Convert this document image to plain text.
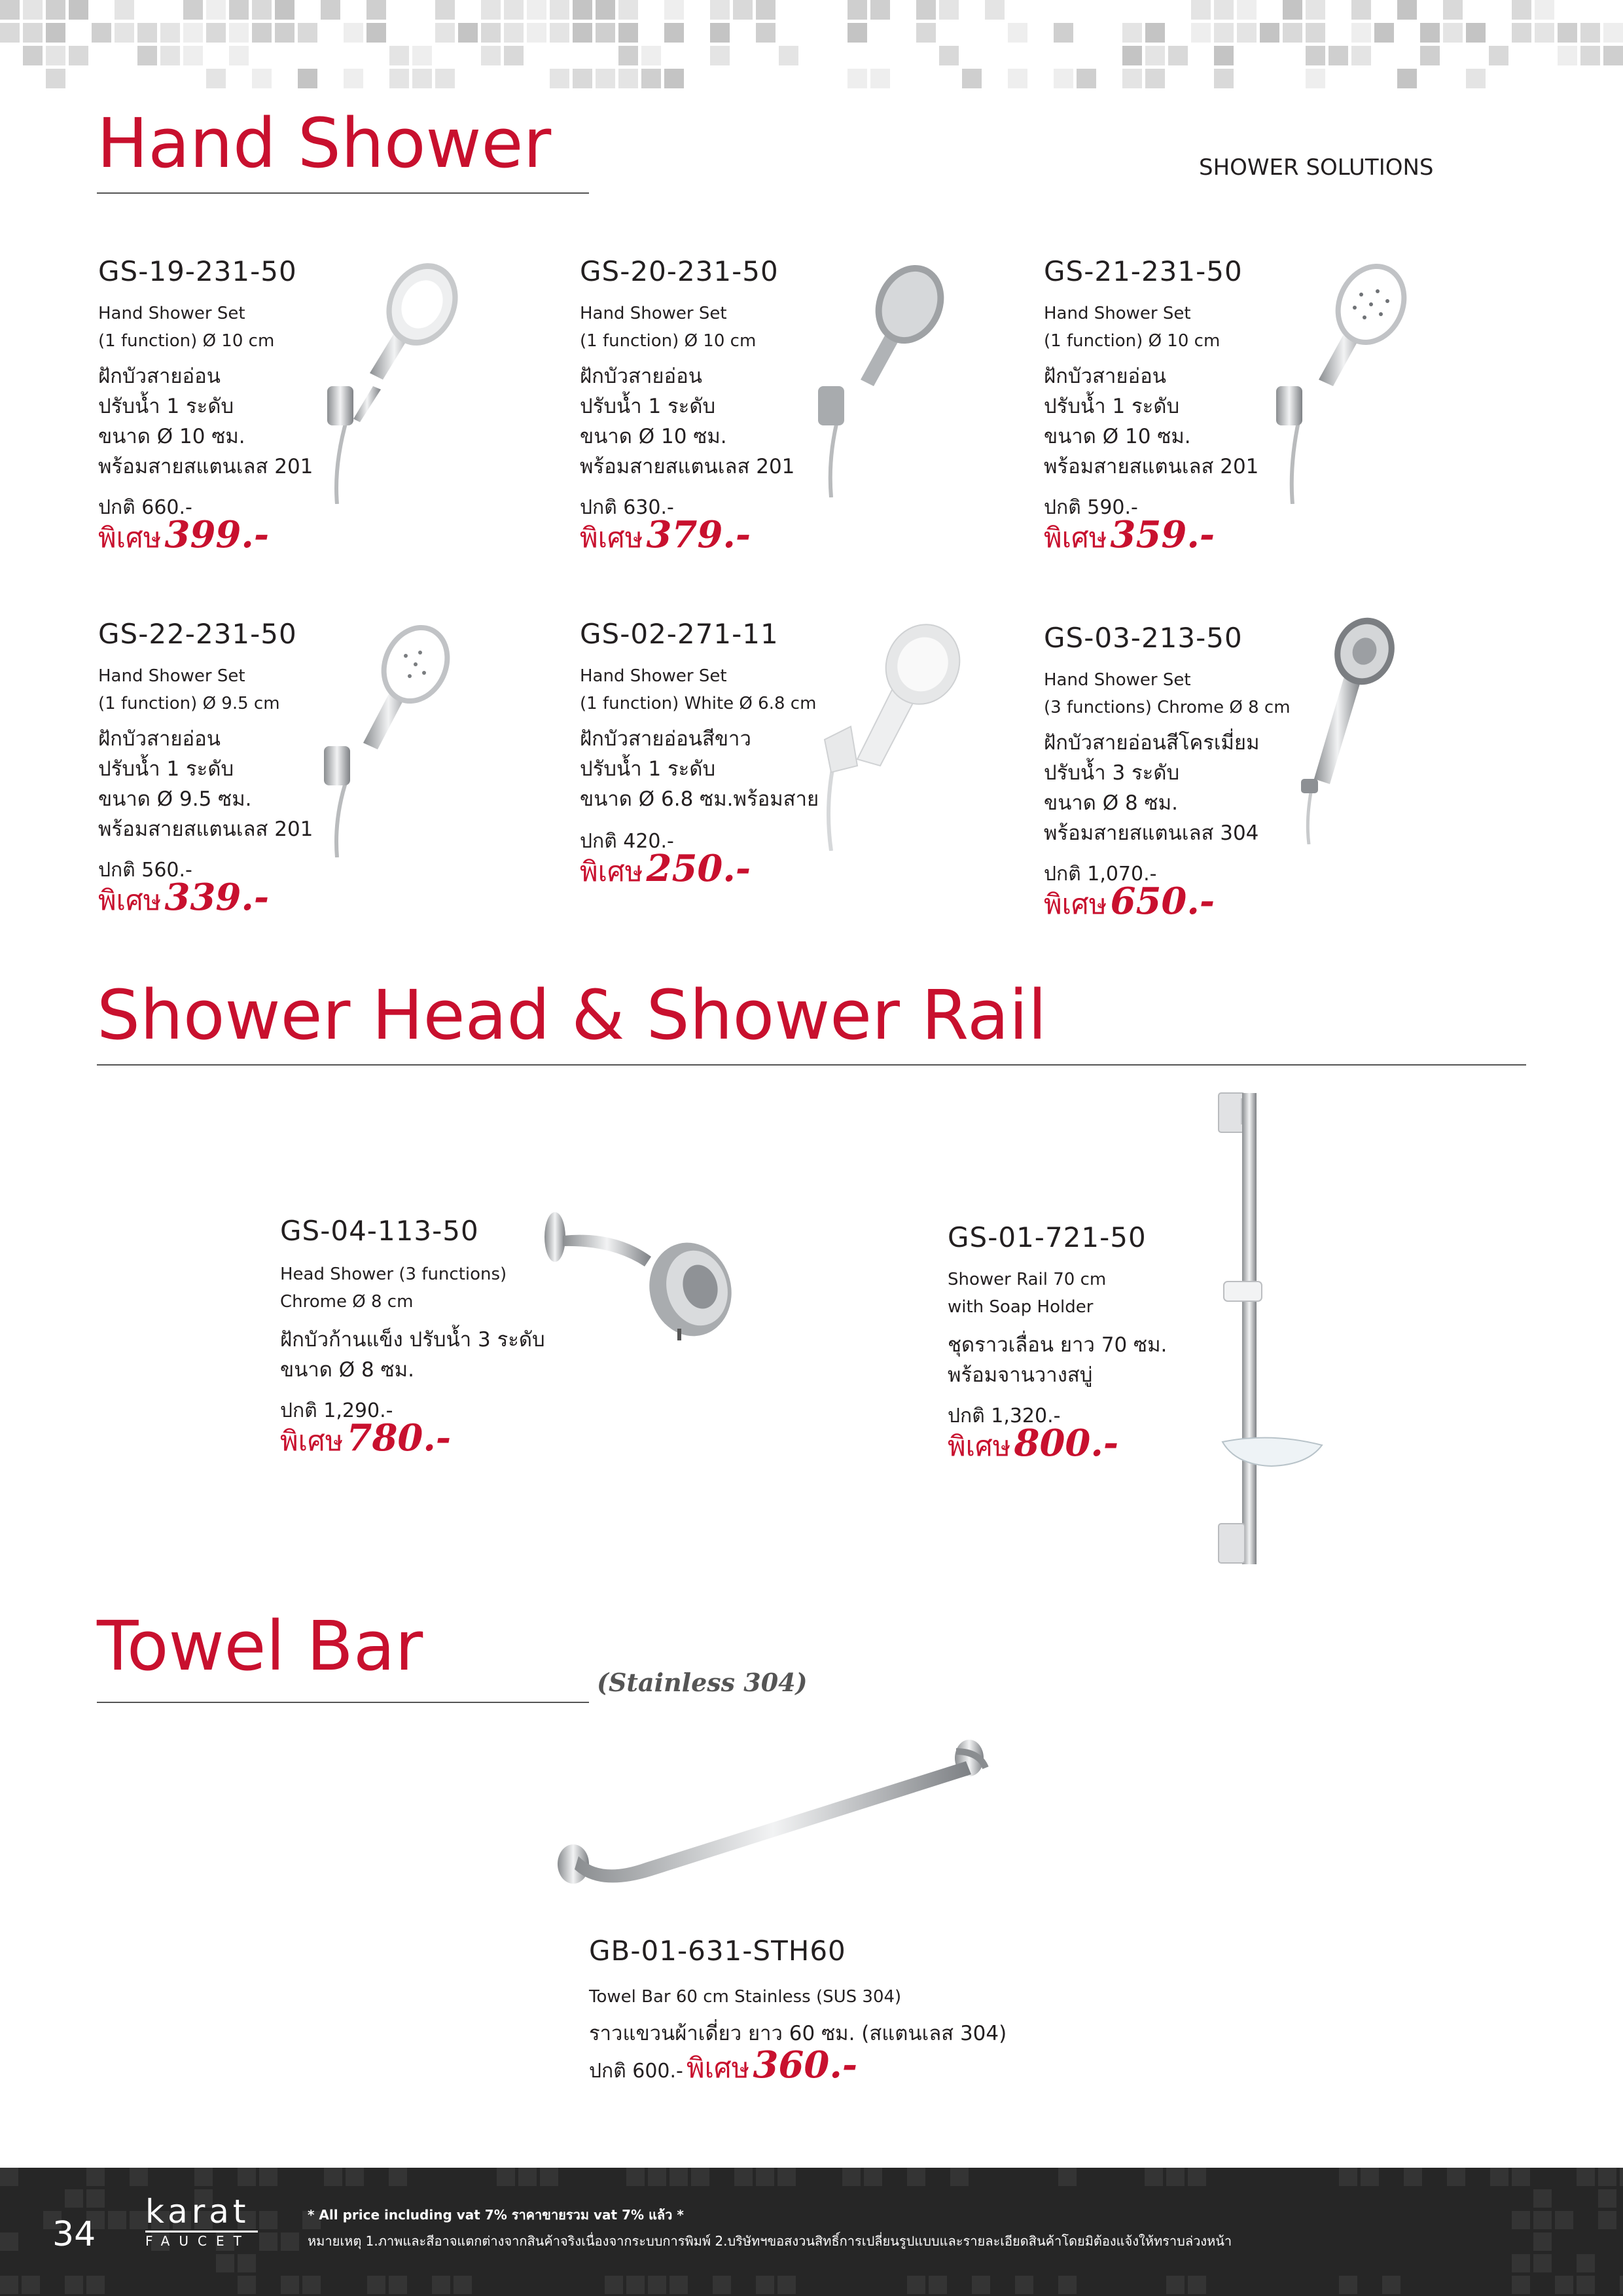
Hand Shower	SHOWER SOLUTIONS
GS-19-231-50
Hand Shower Set
(1 function) Ø 10 cm
ฝักบัวสายอ่อน
ปรับน้ำ 1 ระดับ
ขนาด Ø 10 ซม.
พร้อมสายสแตนเลส 201
ปกติ 660.-
พิเศษ 399.-
GS-20-231-50
Hand Shower Set
(1 function) Ø 10 cm
ฝักบัวสายอ่อน
ปรับน้ำ 1 ระดับ
ขนาด Ø 10 ซม.
พร้อมสายสแตนเลส 201
ปกติ 630.-
พิเศษ 379.-
GS-21-231-50
Hand Shower Set
(1 function) Ø 10 cm
ฝักบัวสายอ่อน
ปรับน้ำ 1 ระดับ
ขนาด Ø 10 ซม.
พร้อมสายสแตนเลส 201
ปกติ 590.-
พิเศษ 359.-
GS-22-231-50
Hand Shower Set
(1 function) Ø 9.5 cm
ฝักบัวสายอ่อน
ปรับน้ำ 1 ระดับ
ขนาด Ø 9.5 ซม.
พร้อมสายสแตนเลส 201
ปกติ 560.-
พิเศษ 339.-
GS-02-271-11
Hand Shower Set
(1 function) White Ø 6.8 cm
ฝักบัวสายอ่อนสีขาว
ปรับน้ำ 1 ระดับ
ขนาด Ø 6.8 ซม.พร้อมสาย
ปกติ 420.-
พิเศษ 250.-
GS-03-213-50
Hand Shower Set
(3 functions) Chrome Ø 8 cm
ฝักบัวสายอ่อนสีโครเมี่ยม
ปรับน้ำ 3 ระดับ
ขนาด Ø 8 ซม.
พร้อมสายสแตนเลส 304
ปกติ 1,070.-
พิเศษ 650.-
Shower Head & Shower Rail
GS-04-113-50
Head Shower (3 functions)
Chrome Ø 8 cm
ฝักบัวก้านแข็ง ปรับน้ำ 3 ระดับ
ขนาด Ø 8 ซม.
ปกติ 1,290.-
พิเศษ 780.-
GS-01-721-50
Shower Rail 70 cm
with Soap Holder
ชุดราวเลื่อน ยาว 70 ซม.
พร้อมจานวางสบู่
ปกติ 1,320.-
พิเศษ 800.-
Towel Bar	(Stainless 304)
GB-01-631-STH60
Towel Bar 60 cm Stainless (SUS 304)
ราวแขวนผ้าเดี่ยว ยาว 60 ซม. (สแตนเลส 304)
ปกติ 600.- พิเศษ 360.-
34
karat
FAUCET
* All price including vat 7% ราคาขายรวม vat 7% แล้ว *
หมายเหตุ 1.ภาพและสีอาจแตกต่างจากสินค้าจริงเนื่องจากระบบการพิมพ์ 2.บริษัทฯขอสงวนสิทธิ์การเปลี่ยนรูปแบบและรายละเอียดสินค้าโดยมิต้องแจ้งให้ทราบล่วงหน้า
